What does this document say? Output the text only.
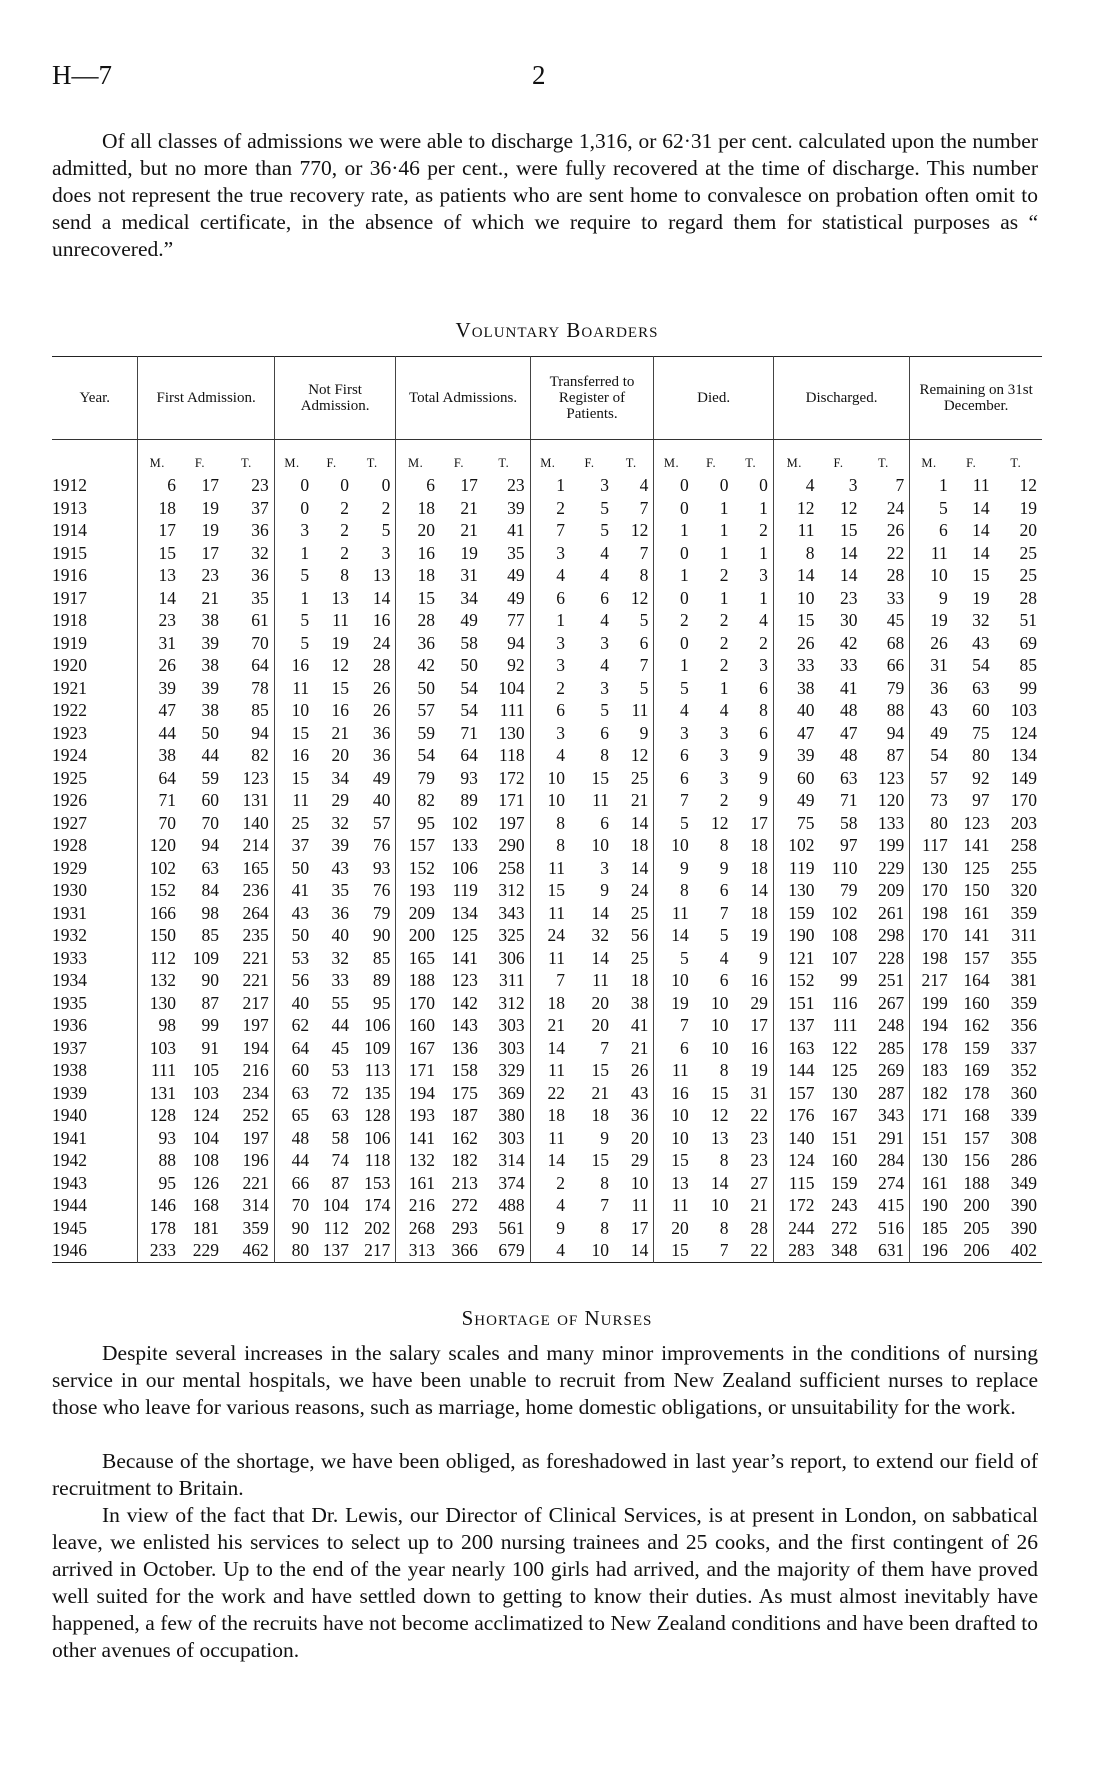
H—7	2

Of all classes of admissions we were able to discharge 1,316, or 62·31 per cent. calculated upon the number admitted, but no more than 770, or 36·46 per cent., were fully recovered at the time of discharge. This number does not represent the true recovery rate, as patients who are sent home to convalesce on probation often omit to send a medical certificate, in the absence of which we require to regard them for statistical purposes as “ unrecovered.”

Voluntary Boarders
Year.	First Admission.			Not First Admission.			Total Admissions.			Transferred to Register of Patients.			Died.			Discharged.			Remaining on 31st December.		
	M.	F.	T.	M.	F.	T.	M.	F.	T.	M.	F.	T.	M.	F.	T.	M.	F.	T.	M.	F.	T.
1912	6	17	23	0	0	0	6	17	23	1	3	4	0	0	0	4	3	7	1	11	12
1913	18	19	37	0	2	2	18	21	39	2	5	7	0	1	1	12	12	24	5	14	19
1914	17	19	36	3	2	5	20	21	41	7	5	12	1	1	2	11	15	26	6	14	20
1915	15	17	32	1	2	3	16	19	35	3	4	7	0	1	1	8	14	22	11	14	25
1916	13	23	36	5	8	13	18	31	49	4	4	8	1	2	3	14	14	28	10	15	25
1917	14	21	35	1	13	14	15	34	49	6	6	12	0	1	1	10	23	33	9	19	28
1918	23	38	61	5	11	16	28	49	77	1	4	5	2	2	4	15	30	45	19	32	51
1919	31	39	70	5	19	24	36	58	94	3	3	6	0	2	2	26	42	68	26	43	69
1920	26	38	64	16	12	28	42	50	92	3	4	7	1	2	3	33	33	66	31	54	85
1921	39	39	78	11	15	26	50	54	104	2	3	5	5	1	6	38	41	79	36	63	99
1922	47	38	85	10	16	26	57	54	111	6	5	11	4	4	8	40	48	88	43	60	103
1923	44	50	94	15	21	36	59	71	130	3	6	9	3	3	6	47	47	94	49	75	124
1924	38	44	82	16	20	36	54	64	118	4	8	12	6	3	9	39	48	87	54	80	134
1925	64	59	123	15	34	49	79	93	172	10	15	25	6	3	9	60	63	123	57	92	149
1926	71	60	131	11	29	40	82	89	171	10	11	21	7	2	9	49	71	120	73	97	170
1927	70	70	140	25	32	57	95	102	197	8	6	14	5	12	17	75	58	133	80	123	203
1928	120	94	214	37	39	76	157	133	290	8	10	18	10	8	18	102	97	199	117	141	258
1929	102	63	165	50	43	93	152	106	258	11	3	14	9	9	18	119	110	229	130	125	255
1930	152	84	236	41	35	76	193	119	312	15	9	24	8	6	14	130	79	209	170	150	320
1931	166	98	264	43	36	79	209	134	343	11	14	25	11	7	18	159	102	261	198	161	359
1932	150	85	235	50	40	90	200	125	325	24	32	56	14	5	19	190	108	298	170	141	311
1933	112	109	221	53	32	85	165	141	306	11	14	25	5	4	9	121	107	228	198	157	355
1934	132	90	221	56	33	89	188	123	311	7	11	18	10	6	16	152	99	251	217	164	381
1935	130	87	217	40	55	95	170	142	312	18	20	38	19	10	29	151	116	267	199	160	359
1936	98	99	197	62	44	106	160	143	303	21	20	41	7	10	17	137	111	248	194	162	356
1937	103	91	194	64	45	109	167	136	303	14	7	21	6	10	16	163	122	285	178	159	337
1938	111	105	216	60	53	113	171	158	329	11	15	26	11	8	19	144	125	269	183	169	352
1939	131	103	234	63	72	135	194	175	369	22	21	43	16	15	31	157	130	287	182	178	360
1940	128	124	252	65	63	128	193	187	380	18	18	36	10	12	22	176	167	343	171	168	339
1941	93	104	197	48	58	106	141	162	303	11	9	20	10	13	23	140	151	291	151	157	308
1942	88	108	196	44	74	118	132	182	314	14	15	29	15	8	23	124	160	284	130	156	286
1943	95	126	221	66	87	153	161	213	374	2	8	10	13	14	27	115	159	274	161	188	349
1944	146	168	314	70	104	174	216	272	488	4	7	11	11	10	21	172	243	415	190	200	390
1945	178	181	359	90	112	202	268	293	561	9	8	17	20	8	28	244	272	516	185	205	390
1946	233	229	462	80	137	217	313	366	679	4	10	14	15	7	22	283	348	631	196	206	402
Shortage of Nurses

Despite several increases in the salary scales and many minor improvements in the conditions of nursing service in our mental hospitals, we have been unable to recruit from New Zealand sufficient nurses to replace those who leave for various reasons, such as marriage, home domestic obligations, or unsuitability for the work.

Because of the shortage, we have been obliged, as foreshadowed in last year’s report, to extend our field of recruitment to Britain.

In view of the fact that Dr. Lewis, our Director of Clinical Services, is at present in London, on sabbatical leave, we enlisted his services to select up to 200 nursing trainees and 25 cooks, and the first contingent of 26 arrived in October. Up to the end of the year nearly 100 girls had arrived, and the majority of them have proved well suited for the work and have settled down to getting to know their duties. As must almost inevitably have happened, a few of the recruits have not become acclimatized to New Zealand conditions and have been drafted to other avenues of occupation.
